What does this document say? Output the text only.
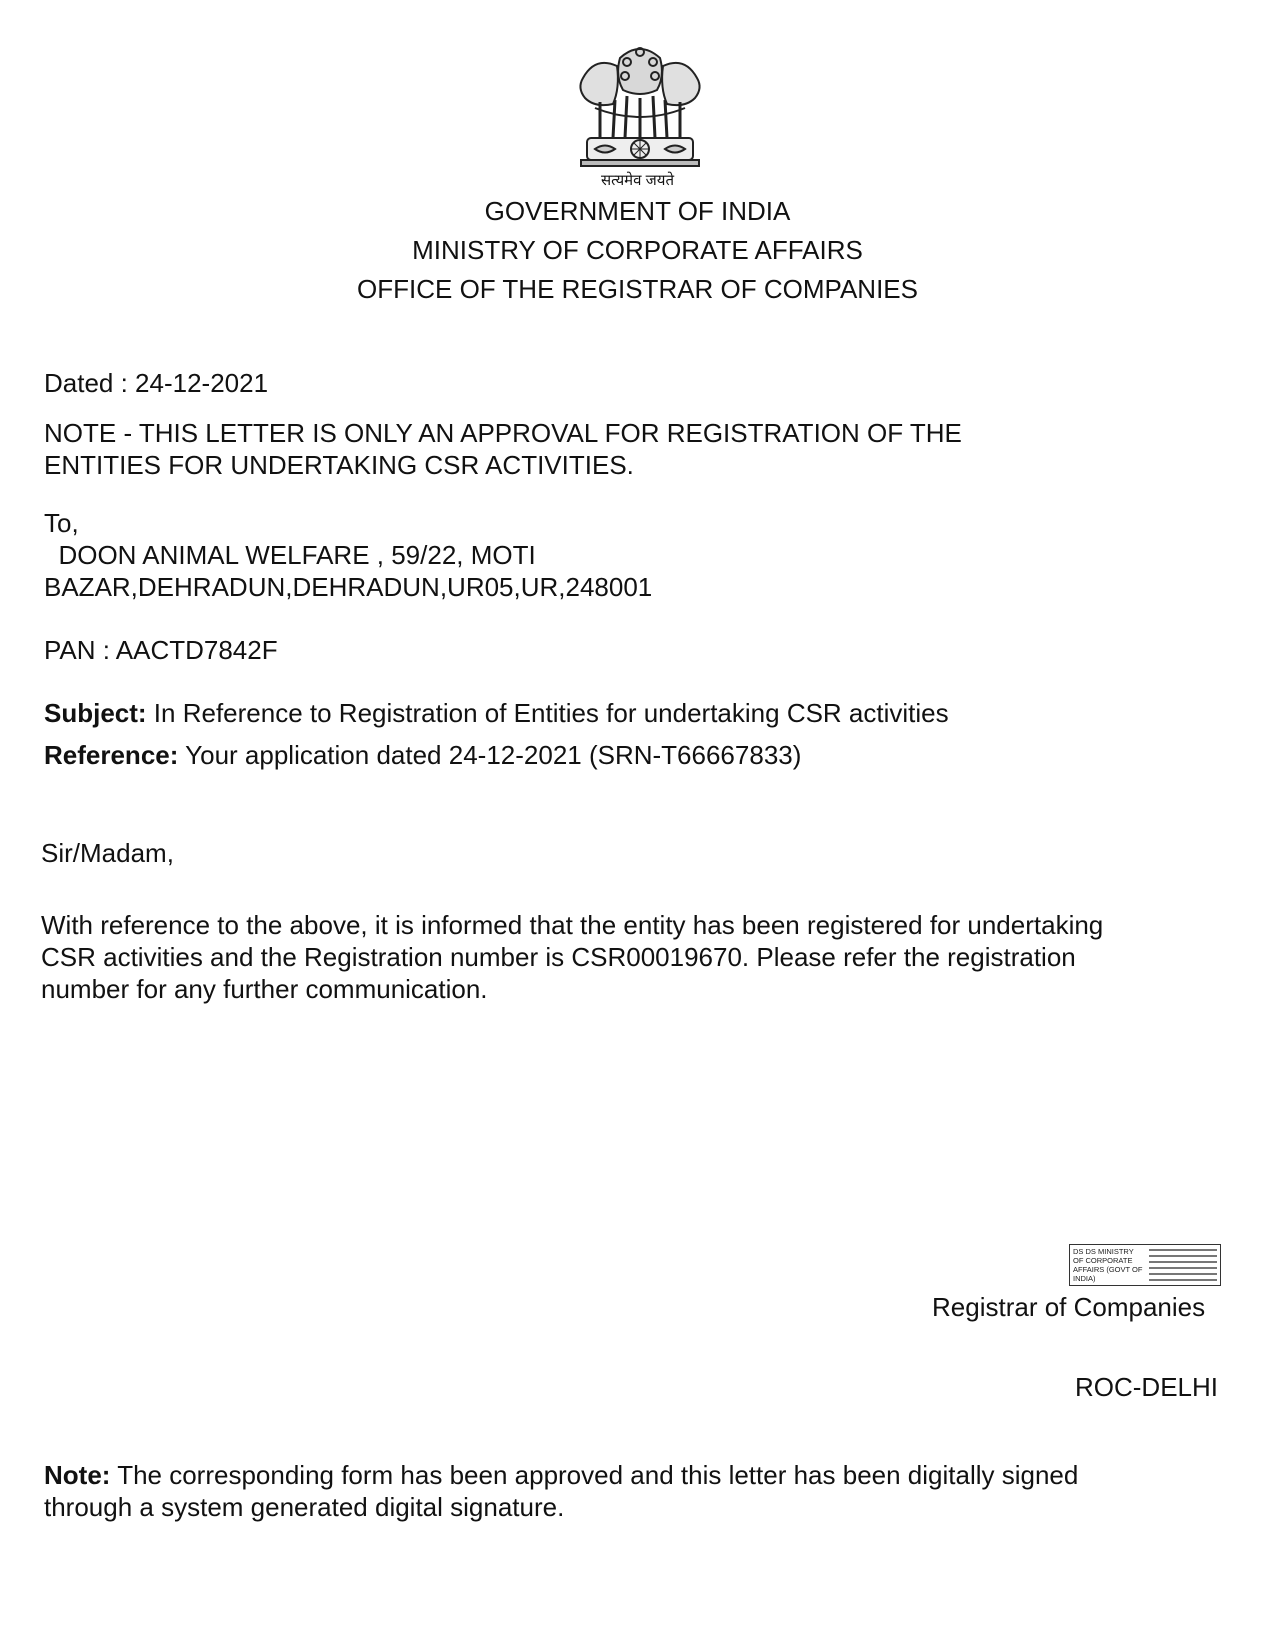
सत्यमेव जयते
GOVERNMENT OF INDIA
MINISTRY OF CORPORATE AFFAIRS
OFFICE OF THE REGISTRAR OF COMPANIES
Dated : 24-12-2021
NOTE - THIS LETTER IS ONLY AN APPROVAL FOR REGISTRATION OF THE
ENTITIES FOR UNDERTAKING CSR ACTIVITIES.
To,
DOON ANIMAL WELFARE , 59/22, MOTI
BAZAR,DEHRADUN,DEHRADUN,UR05,UR,248001
PAN : AACTD7842F
Subject: In Reference to Registration of Entities for undertaking CSR activities
Reference: Your application dated 24-12-2021 (SRN-T66667833)
Sir/Madam,
With reference to the above, it is informed that the entity has been registered for undertaking
CSR activities and the Registration number is CSR00019670. Please refer the registration
number for any further communication.
DS DS MINISTRY OF CORPORATE AFFAIRS (GOVT OF INDIA)
Registrar of Companies
ROC-DELHI
Note: The corresponding form has been approved and this letter has been digitally signed
through a system generated digital signature.
